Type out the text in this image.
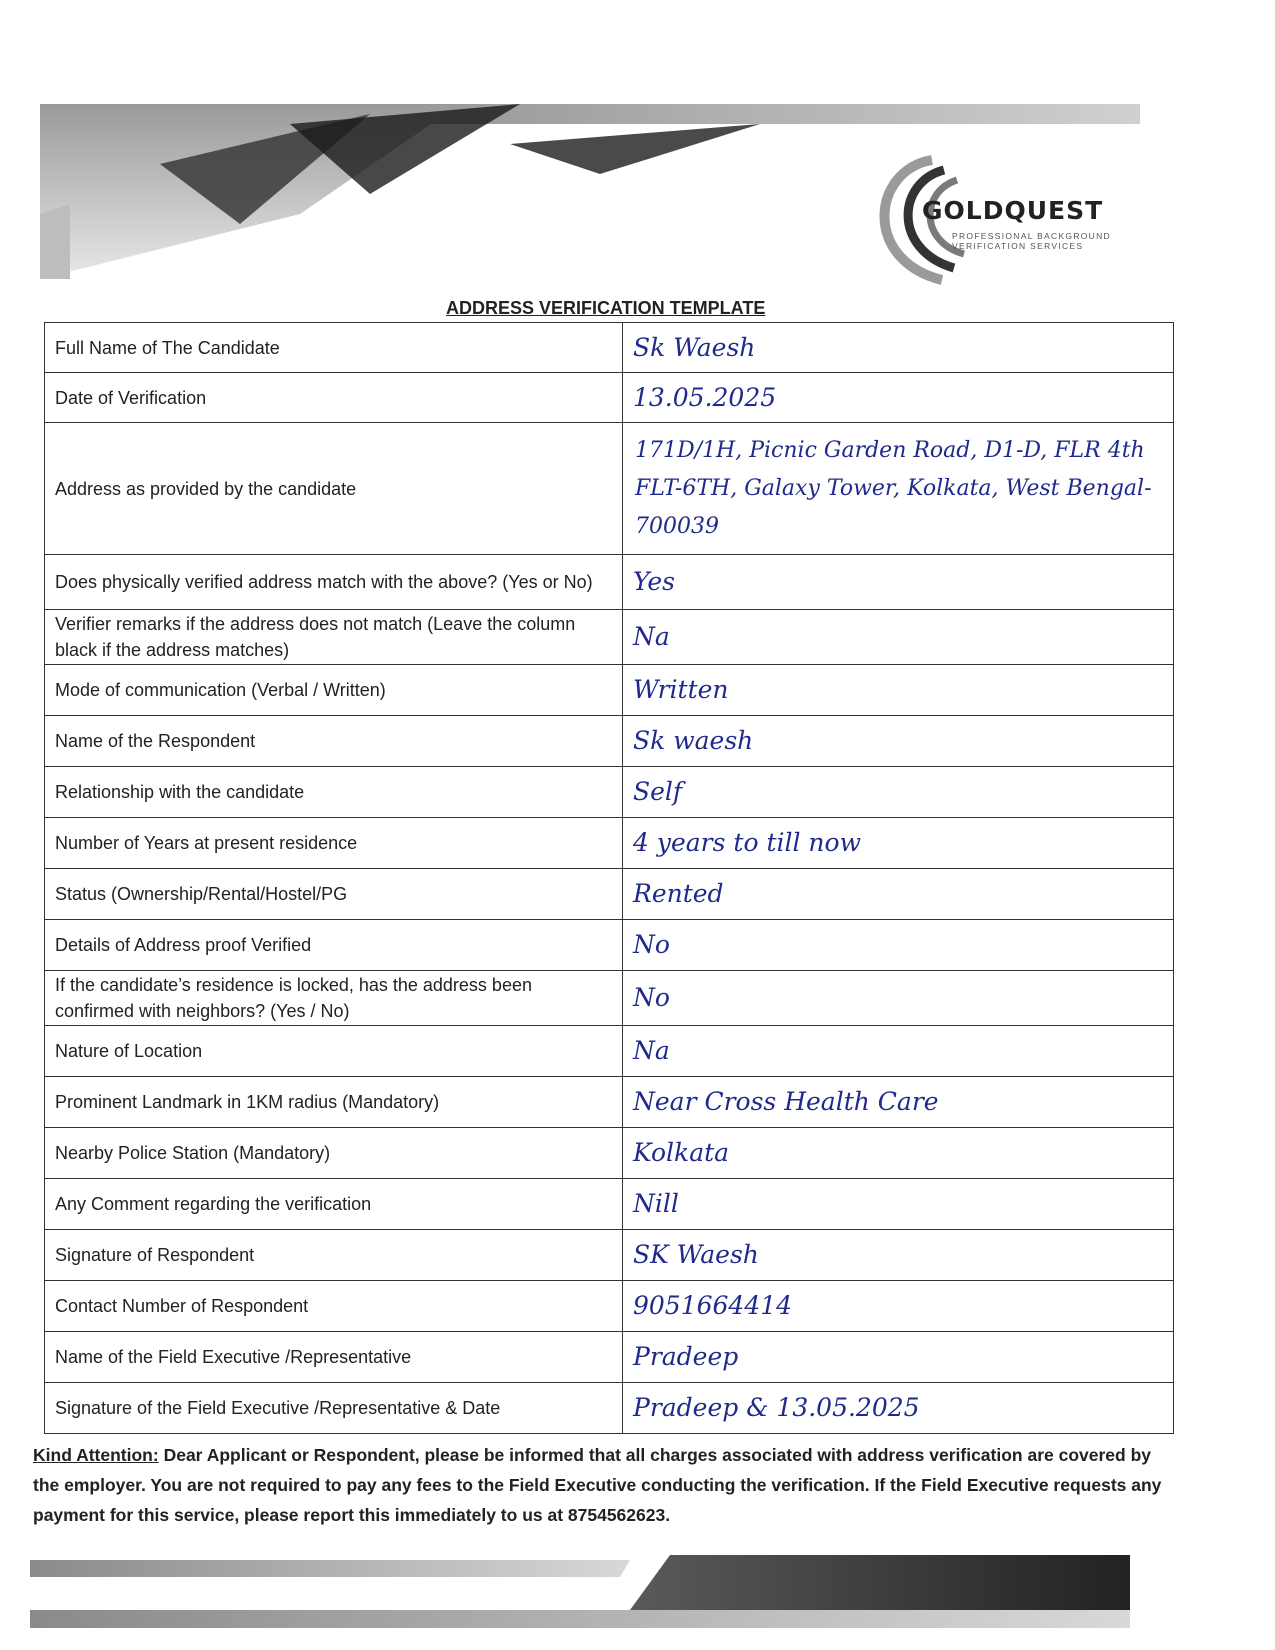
GOLDQUEST
PROFESSIONAL BACKGROUND VERIFICATION SERVICES
ADDRESS VERIFICATION TEMPLATE
Full Name of The Candidate	Sk Waesh
Date of Verification	13.05.2025
Address as provided by the candidate	171D/1H, Picnic Garden Road, D1-D, FLR 4th FLT-6TH, Galaxy Tower, Kolkata, West Bengal-700039
Does physically verified address match with the above? (Yes or No)	Yes
Verifier remarks if the address does not match (Leave the column black if the address matches)	Na
Mode of communication (Verbal / Written)	Written
Name of the Respondent	Sk waesh
Relationship with the candidate	Self
Number of Years at present residence	4 years to till now
Status (Ownership/Rental/Hostel/PG	Rented
Details of Address proof Verified	No
If the candidate’s residence is locked, has the address been confirmed with neighbors? (Yes / No)	No
Nature of Location	Na
Prominent Landmark in 1KM radius (Mandatory)	Near Cross Health Care
Nearby Police Station (Mandatory)	Kolkata
Any Comment regarding the verification	Nill
Signature of Respondent	SK Waesh
Contact Number of Respondent	9051664414
Name of the Field Executive /Representative	Pradeep
Signature of the Field Executive /Representative & Date	Pradeep & 13.05.2025
Kind Attention: Dear Applicant or Respondent, please be informed that all charges associated with address verification are covered by the employer. You are not required to pay any fees to the Field Executive conducting the verification. If the Field Executive requests any payment for this service, please report this immediately to us at 8754562623.
